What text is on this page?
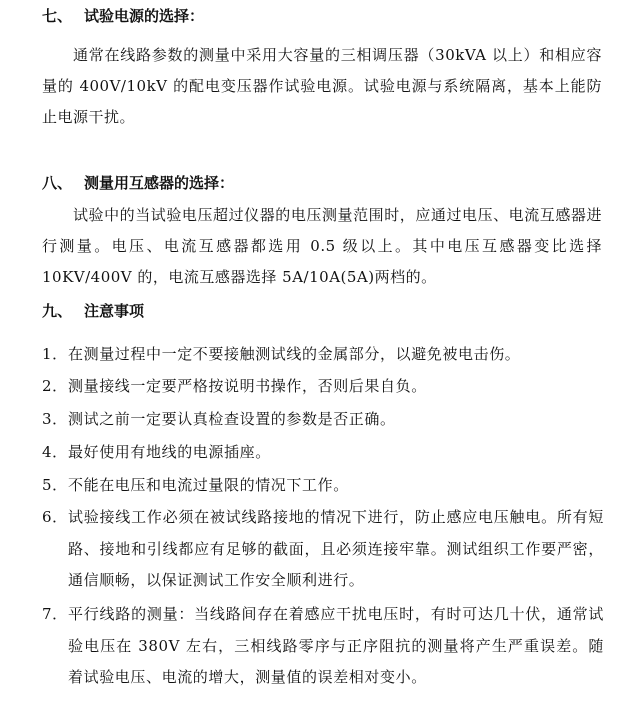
七、 试验电源的选择：
通常在线路参数的测量中采用大容量的三相调压器（30kVA 以上）和相应容量的 400V/10kV 的配电变压器作试验电源。试验电源与系统隔离，基本上能防止电源干扰。
八、 测量用互感器的选择：
试验中的当试验电压超过仪器的电压测量范围时，应通过电压、电流互感器进行测量。电压、电流互感器都选用 0.5 级以上。其中电压互感器变比选择 10KV/400V 的，电流互感器选择 5A/10A(5A)两档的。
九、 注意事项
1． 在测量过程中一定不要接触测试线的金属部分，以避免被电击伤。
2． 测量接线一定要严格按说明书操作，否则后果自负。
3． 测试之前一定要认真检查设置的参数是否正确。
4． 最好使用有地线的电源插座。
5． 不能在电压和电流过量限的情况下工作。
6． 试验接线工作必须在被试线路接地的情况下进行，防止感应电压触电。所有短路、接地和引线都应有足够的截面，且必须连接牢靠。测试组织工作要严密，通信顺畅，以保证测试工作安全顺利进行。
7． 平行线路的测量：当线路间存在着感应干扰电压时，有时可达几十伏，通常试验电压在 380V 左右，三相线路零序与正序阻抗的测量将产生严重误差。随着试验电压、电流的增大，测量值的误差相对变小。
